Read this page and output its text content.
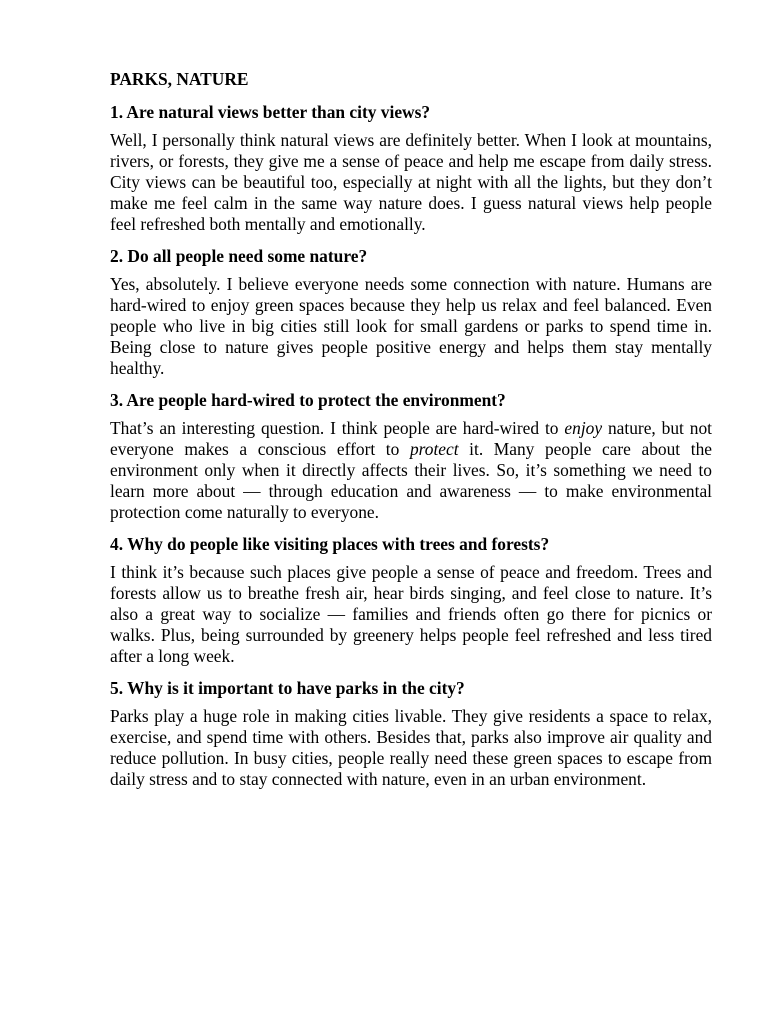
PARKS, NATURE
1. Are natural views better than city views?
Well, I personally think natural views are definitely better. When I look at mountains, rivers, or forests, they give me a sense of peace and help me escape from daily stress. City views can be beautiful too, especially at night with all the lights, but they don’t make me feel calm in the same way nature does. I guess natural views help people feel refreshed both mentally and emotionally.
2. Do all people need some nature?
Yes, absolutely. I believe everyone needs some connection with nature. Humans are hard-wired to enjoy green spaces because they help us relax and feel balanced. Even people who live in big cities still look for small gardens or parks to spend time in. Being close to nature gives people positive energy and helps them stay mentally healthy.
3. Are people hard-wired to protect the environment?
That’s an interesting question. I think people are hard-wired to enjoy nature, but not everyone makes a conscious effort to protect it. Many people care about the environment only when it directly affects their lives. So, it’s something we need to learn more about — through education and awareness — to make environmental protection come naturally to everyone.
4. Why do people like visiting places with trees and forests?
I think it’s because such places give people a sense of peace and freedom. Trees and forests allow us to breathe fresh air, hear birds singing, and feel close to nature. It’s also a great way to socialize — families and friends often go there for picnics or walks. Plus, being surrounded by greenery helps people feel refreshed and less tired after a long week.
5. Why is it important to have parks in the city?
Parks play a huge role in making cities livable. They give residents a space to relax, exercise, and spend time with others. Besides that, parks also improve air quality and reduce pollution. In busy cities, people really need these green spaces to escape from daily stress and to stay connected with nature, even in an urban environment.
